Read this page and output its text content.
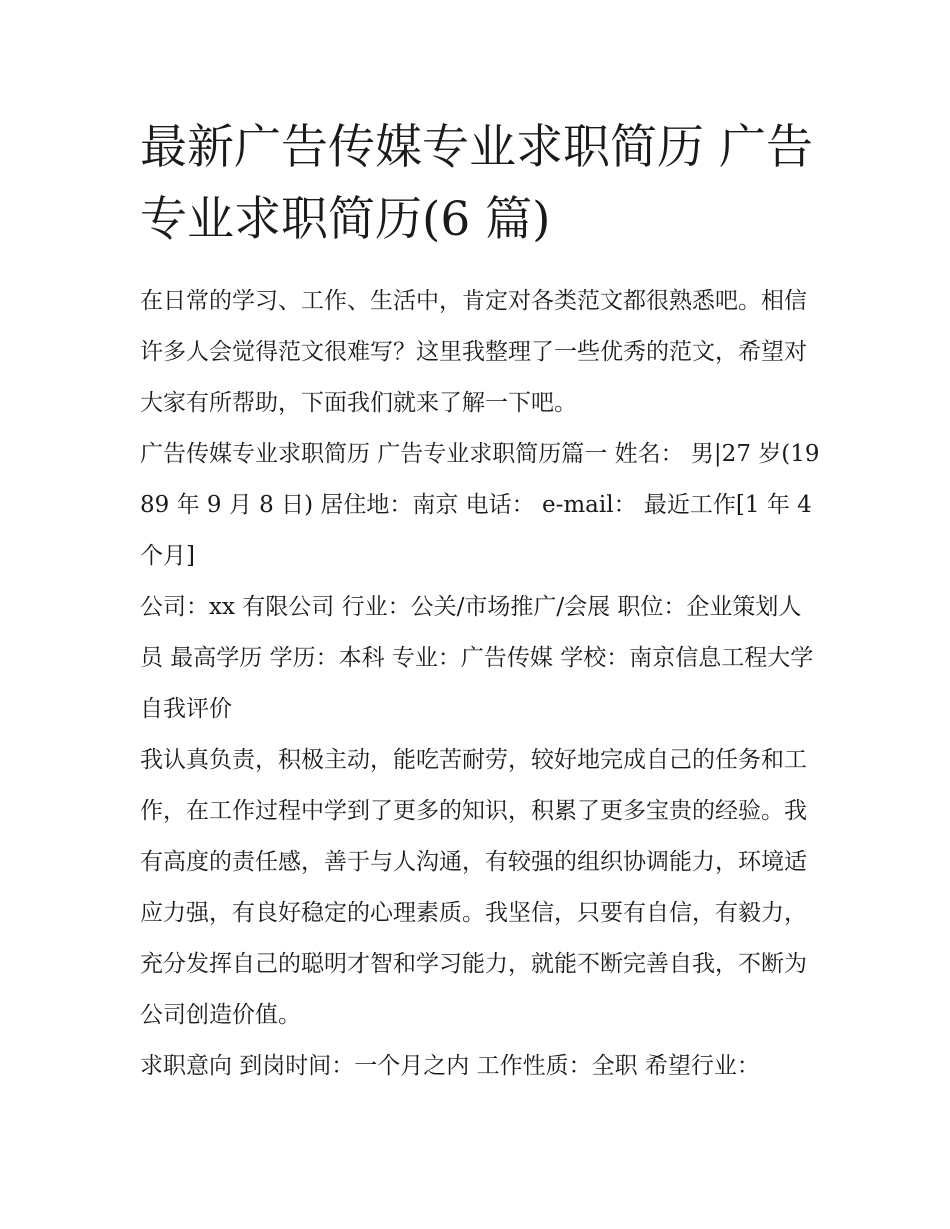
最新广告传媒专业求职简历 广告专业求职简历(6 篇)

在日常的学习、工作、生活中，肯定对各类范文都很熟悉吧。相信许多人会觉得范文很难写？这里我整理了一些优秀的范文，希望对大家有所帮助，下面我们就来了解一下吧。

广告传媒专业求职简历 广告专业求职简历篇一 姓名： 男|27 岁(1989 年 9 月 8 日) 居住地：南京 电话： e-mail： 最近工作[1 年 4 个月]

公司：xx 有限公司 行业：公关/市场推广/会展 职位：企业策划人员 最高学历 学历：本科 专业：广告传媒 学校：南京信息工程大学 自我评价

我认真负责，积极主动，能吃苦耐劳，较好地完成自己的任务和工作，在工作过程中学到了更多的知识，积累了更多宝贵的经验。我有高度的责任感，善于与人沟通，有较强的组织协调能力，环境适应力强，有良好稳定的心理素质。我坚信，只要有自信，有毅力，充分发挥自己的聪明才智和学习能力，就能不断完善自我，不断为公司创造价值。

求职意向 到岗时间：一个月之内 工作性质：全职 希望行业：
